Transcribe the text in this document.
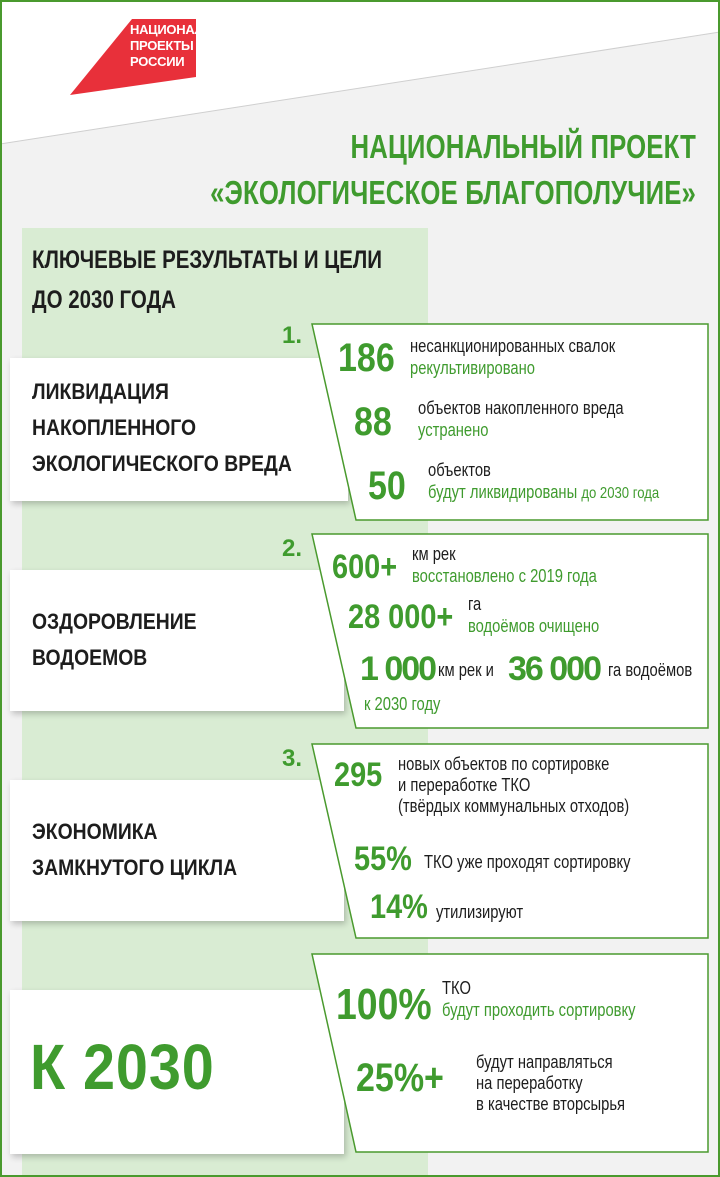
НАЦИОНАЛЬНЫЕ
ПРОЕКТЫ
РОССИИ
НАЦИОНАЛЬНЫЙ ПРОЕКТ
«ЭКОЛОГИЧЕСКОЕ БЛАГОПОЛУЧИЕ»
КЛЮЧЕВЫЕ РЕЗУЛЬТАТЫ И ЦЕЛИ
ДО 2030 ГОДА
1.
ЛИКВИДАЦИЯ
НАКОПЛЕННОГО
ЭКОЛОГИЧЕСКОГО ВРЕДА
186 несанкционированных свалок
рекультивировано
88	объектов накопленного вреда
устранено
50	объектов
будут ликвидированы до 2030 года
2.
ОЗДОРОВЛЕНИЕ
ВОДОЕМОВ
600+ км рек
восстановлено с 2019 года
28 000+ га
водоёмов очищено
1 000 км рек и 36 000 га водоёмов
к 2030 году
3.
ЭКОНОМИКА
ЗАМКНУТОГО ЦИКЛА
295 новых объектов по сортировке
и переработке ТКО
(твёрдых коммунальных отходов)
55% ТКО уже проходят сортировку
14% утилизируют
К 2030
100% ТКО
будут проходить сортировку
25%+	будут направляться
на переработку
в качестве вторсырья
